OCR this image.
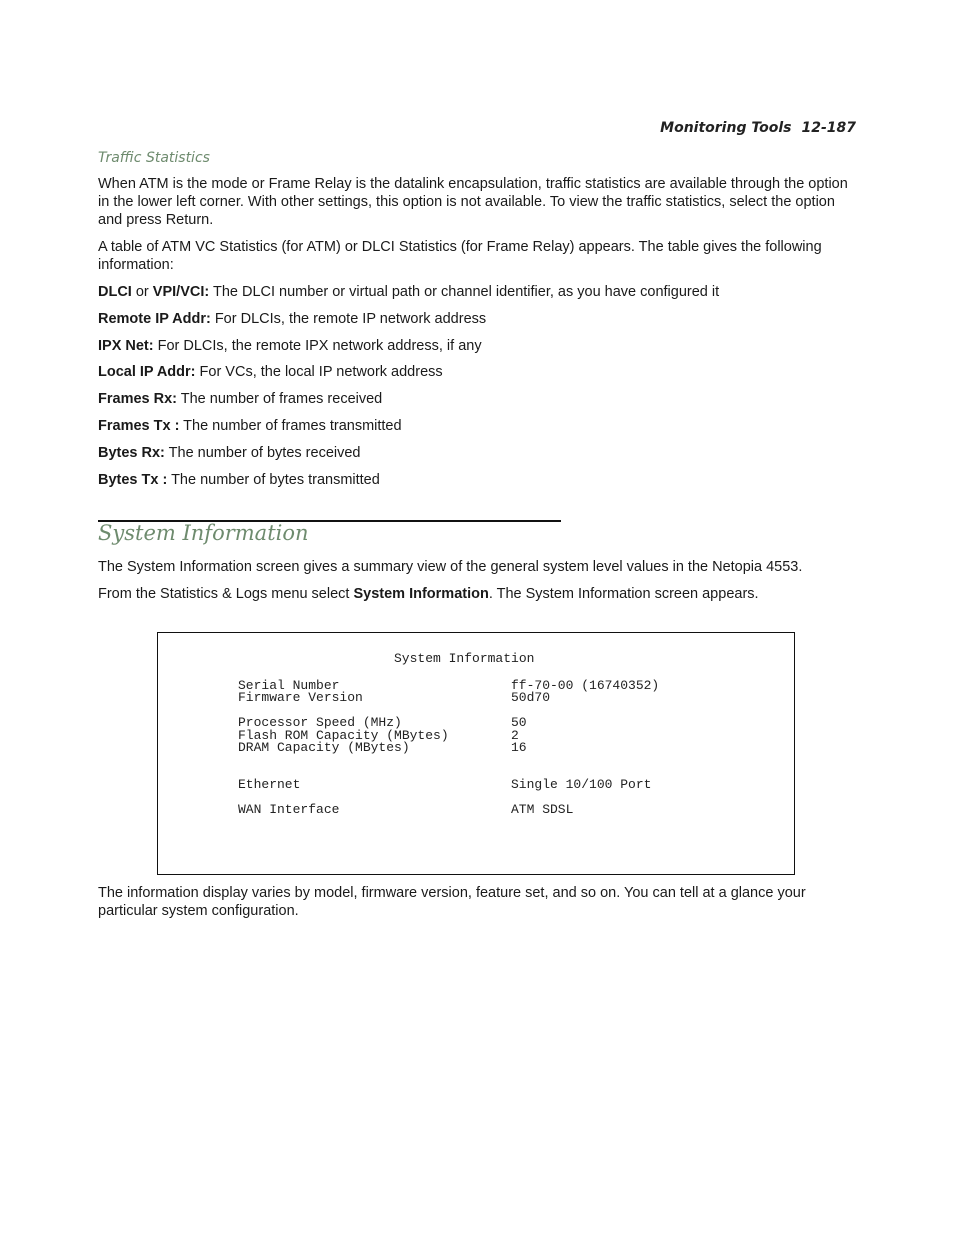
Monitoring Tools 12-187
Traffic Statistics

When ATM is the mode or Frame Relay is the datalink encapsulation, traffic statistics are available through the option in the lower left corner. With other settings, this option is not available. To view the traffic statistics, select the option and press Return.

A table of ATM VC Statistics (for ATM) or DLCI Statistics (for Frame Relay) appears. The table gives the following information:

DLCI or VPI/VCI: The DLCI number or virtual path or channel identifier, as you have configured it

Remote IP Addr: For DLCIs, the remote IP network address

IPX Net: For DLCIs, the remote IPX network address, if any

Local IP Addr: For VCs, the local IP network address

Frames Rx: The number of frames received

Frames Tx : The number of frames transmitted

Bytes Rx: The number of bytes received

Bytes Tx : The number of bytes transmitted

System Information

The System Information screen gives a summary view of the general system level values in the Netopia 4553.

From the Statistics & Logs menu select System Information. The System Information screen appears.

System Information
Serial Number	ff-70-00 (16740352)
Firmware Version	50d70
Processor Speed (MHz)	50
Flash ROM Capacity (MBytes)	2
DRAM Capacity (MBytes)	16
Ethernet	Single 10/100 Port
WAN Interface	ATM SDSL

The information display varies by model, firmware version, feature set, and so on. You can tell at a glance your particular system configuration.
